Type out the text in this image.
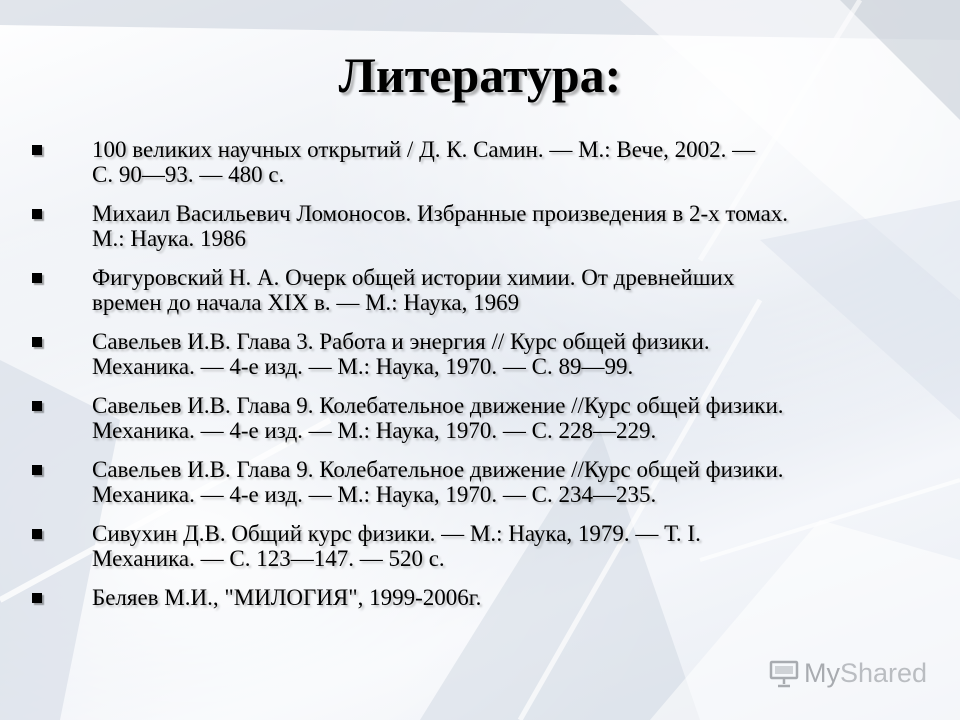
Литература:
100 великих научных открытий / Д. К. Самин. — М.: Вече, 2002. —
С. 90—93. — 480 с.
Михаил Васильевич Ломоносов. Избранные произведения в 2-х томах.
М.: Наука. 1986
Фигуровский Н. А. Очерк общей истории химии. От древнейших
времен до начала XIX в. — М.: Наука, 1969
Савельев И.В. Глава 3. Работа и энергия // Курс общей физики.
Механика. — 4-е изд. — М.: Наука, 1970. — С. 89—99.
Савельев И.В. Глава 9. Колебательное движение //Курс общей физики.
Механика. — 4-е изд. — М.: Наука, 1970. — С. 228—229.
Савельев И.В. Глава 9. Колебательное движение //Курс общей физики.
Механика. — 4-е изд. — М.: Наука, 1970. — С. 234—235.
Сивухин Д.В. Общий курс физики. — М.: Наука, 1979. — Т. I.
Механика. — С. 123—147. — 520 с.
Беляев М.И., "МИЛОГИЯ", 1999-2006г.
My Shared
